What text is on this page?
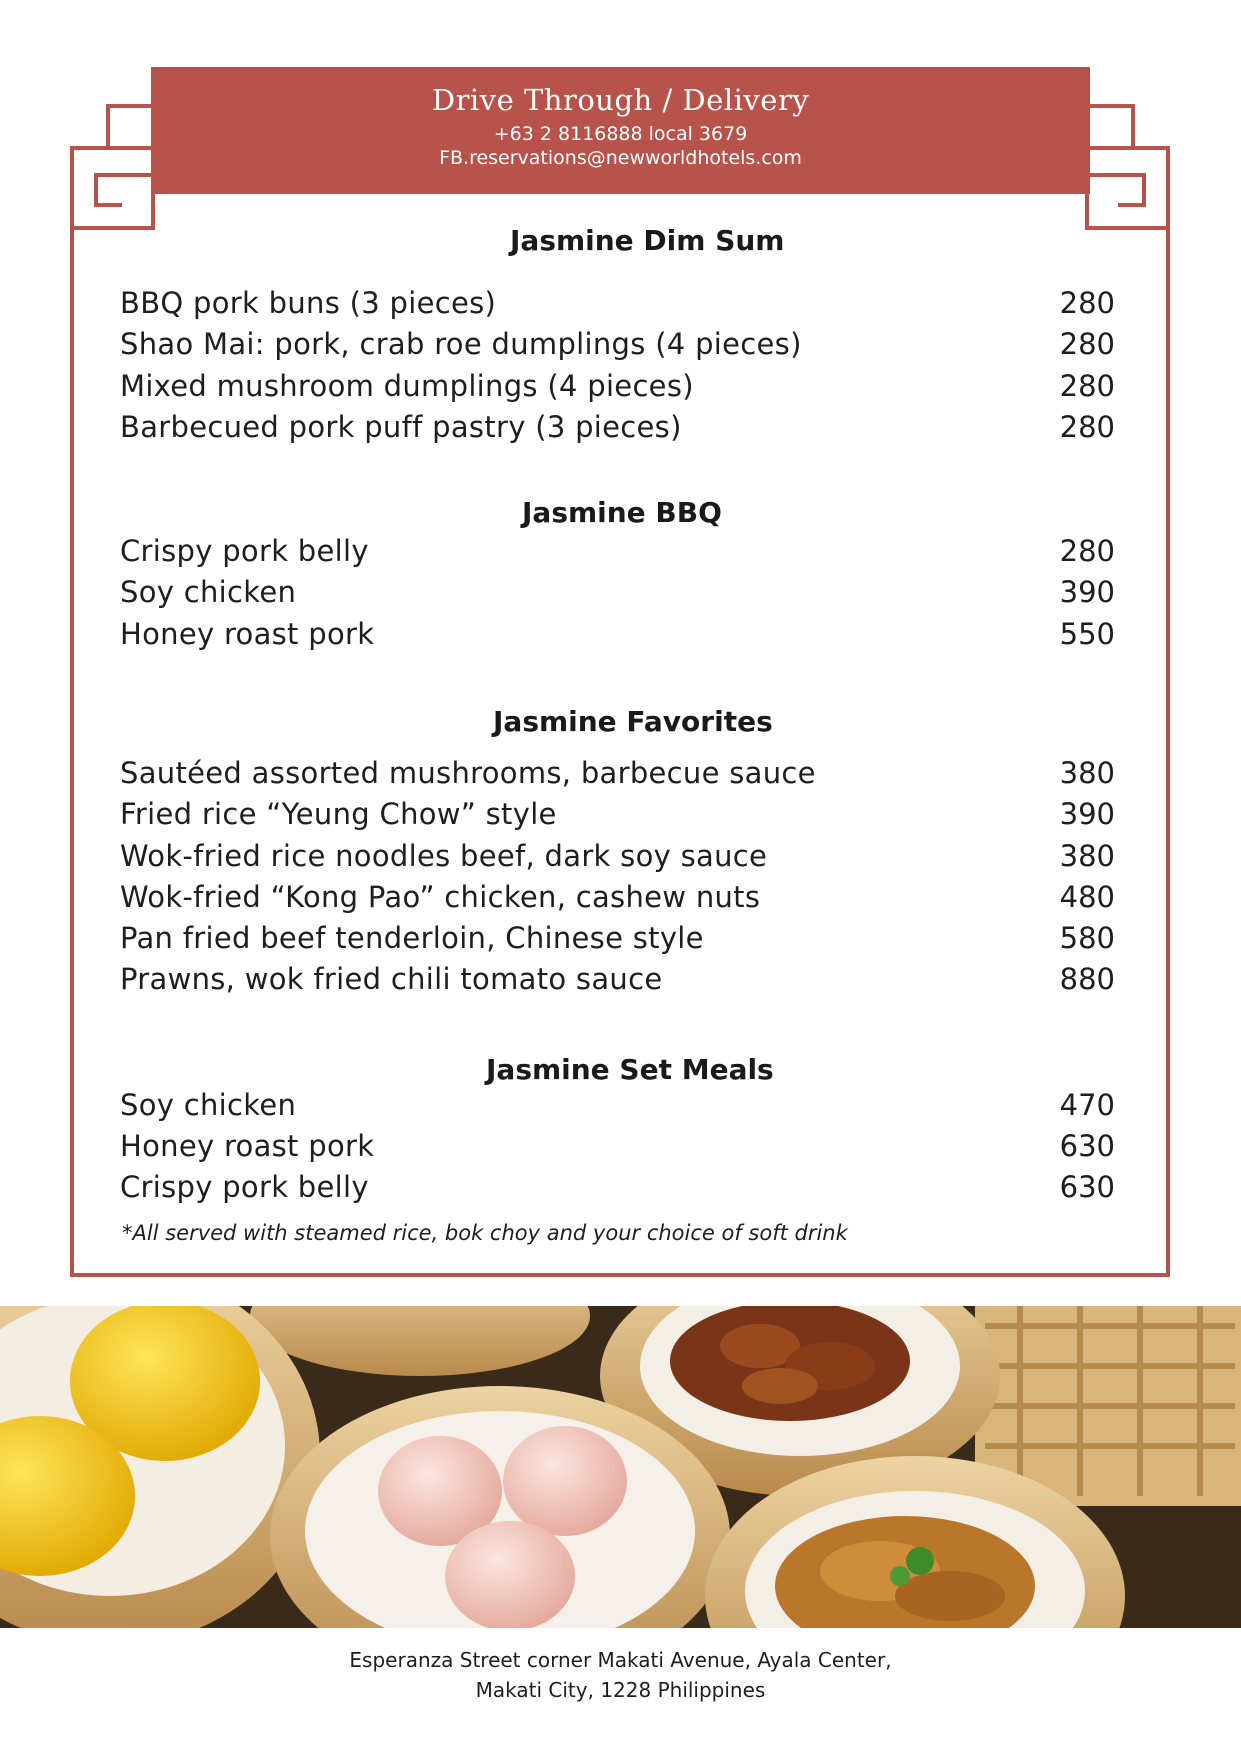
Drive Through / Delivery
+63 2 8116888 local 3679
FB.reservations@newworldhotels.com
Jasmine Dim Sum
BBQ pork buns (3 pieces)	280
Shao Mai: pork, crab roe dumplings (4 pieces)	280
Mixed mushroom dumplings (4 pieces)	280
Barbecued pork puff pastry (3 pieces)	280
Jasmine BBQ
Crispy pork belly	280
Soy chicken	390
Honey roast pork	550
Jasmine Favorites
Sautéed assorted mushrooms, barbecue sauce	380
Fried rice “Yeung Chow” style	390
Wok-fried rice noodles beef, dark soy sauce	380
Wok-fried “Kong Pao” chicken, cashew nuts	480
Pan fried beef tenderloin, Chinese style	580
Prawns, wok fried chili tomato sauce	880
Jasmine Set Meals
Soy chicken	470
Honey roast pork	630
Crispy pork belly	630
*All served with steamed rice, bok choy and your choice of soft drink
Esperanza Street corner Makati Avenue, Ayala Center,
Makati City, 1228 Philippines
